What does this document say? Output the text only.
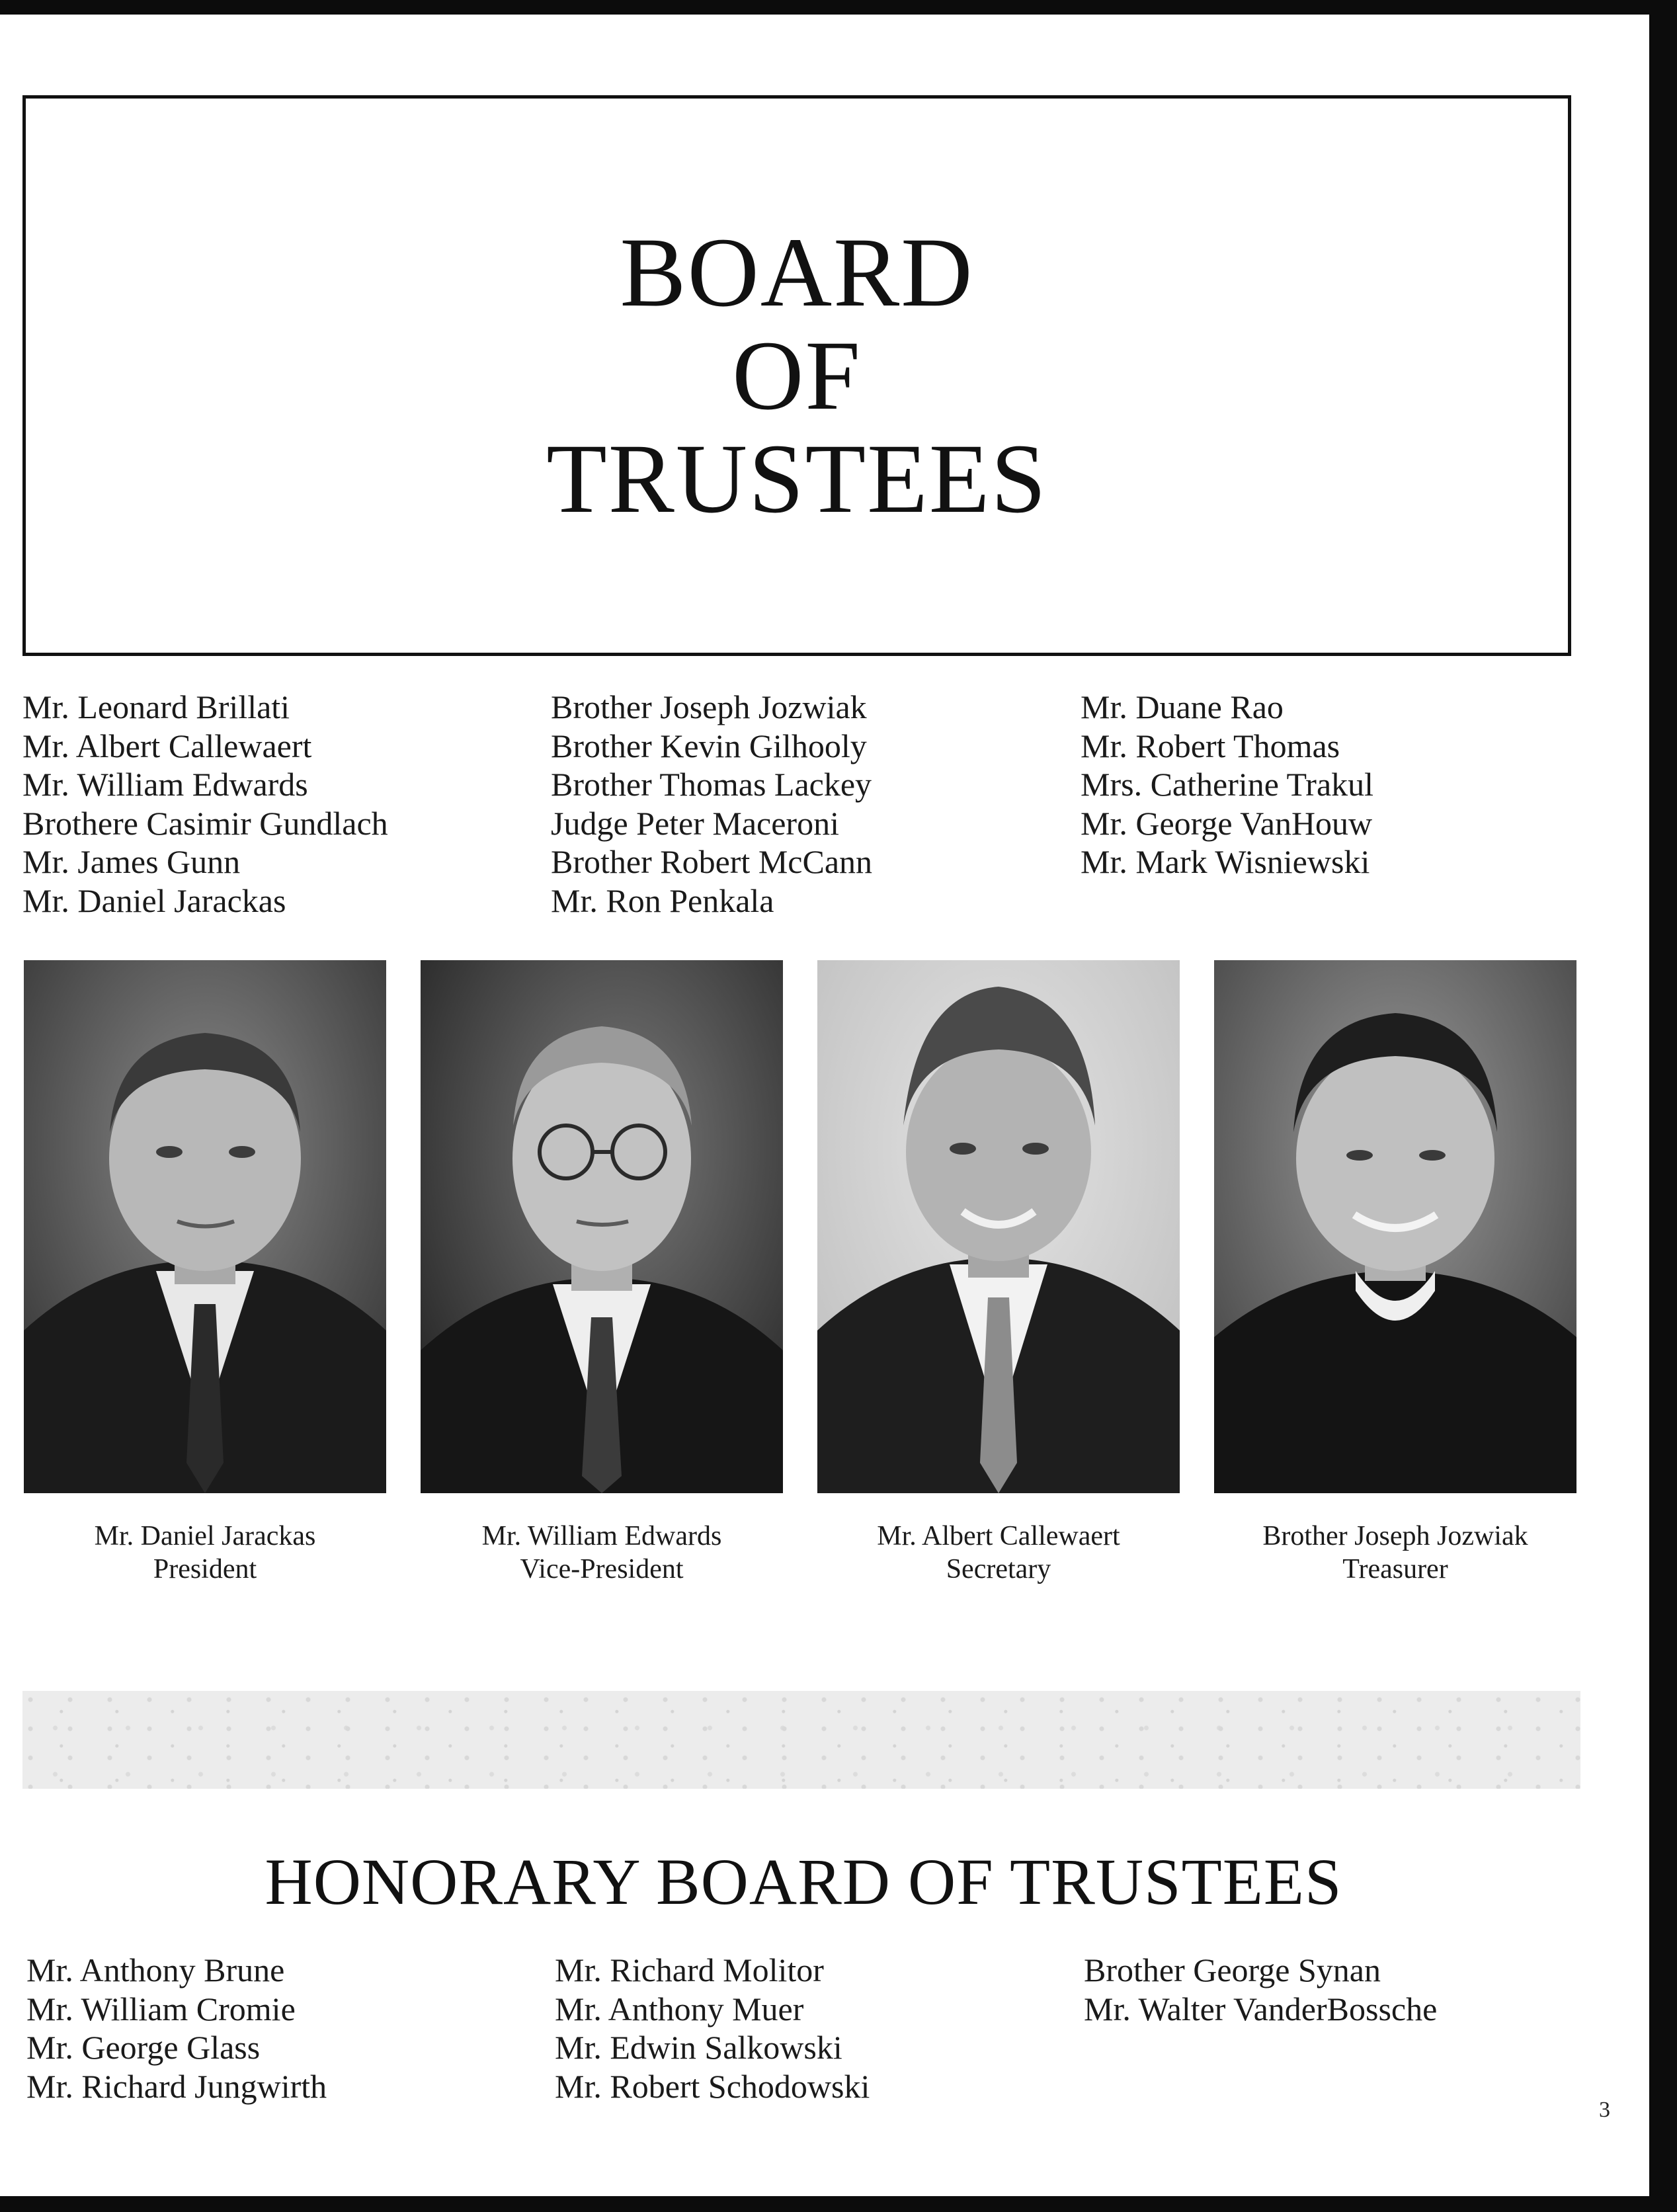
BOARD
OF
TRUSTEES
Mr. Leonard Brillati
Mr. Albert Callewaert
Mr. William Edwards
Brothere Casimir Gundlach
Mr. James Gunn
Mr. Daniel Jarackas
Brother Joseph Jozwiak
Brother Kevin Gilhooly
Brother Thomas Lackey
Judge Peter Maceroni
Brother Robert McCann
Mr. Ron Penkala
Mr. Duane Rao
Mr. Robert Thomas
Mrs. Catherine Trakul
Mr. George VanHouw
Mr. Mark Wisniewski
Mr. Daniel Jarackas
President
Mr. William Edwards
Vice-President
Mr. Albert Callewaert
Secretary
Brother Joseph Jozwiak
Treasurer
HONORARY BOARD OF TRUSTEES
Mr. Anthony Brune
Mr. William Cromie
Mr. George Glass
Mr. Richard Jungwirth
Mr. Richard Molitor
Mr. Anthony Muer
Mr. Edwin Salkowski
Mr. Robert Schodowski
Brother George Synan
Mr. Walter VanderBossche
3
